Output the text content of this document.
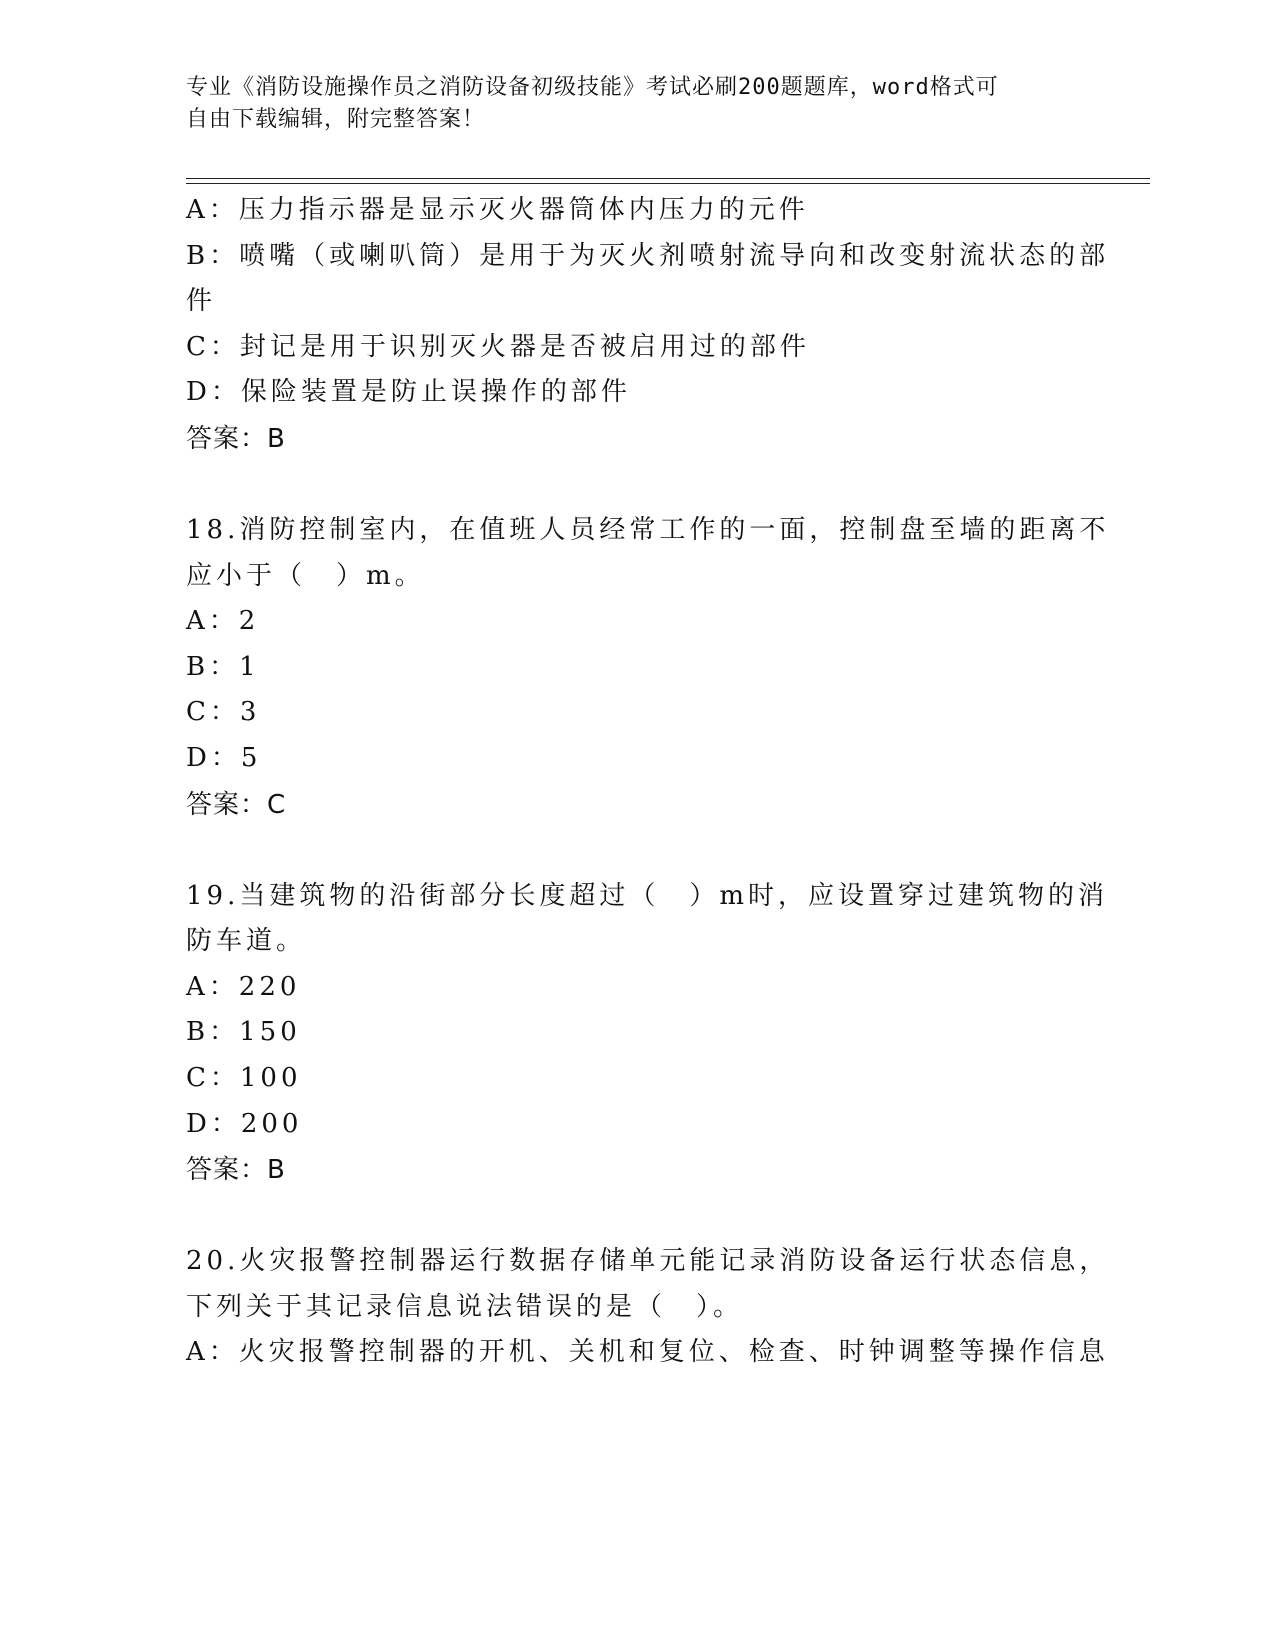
专业《消防设施操作员之消防设备初级技能》考试必刷200题题库，word格式可
自由下载编辑，附完整答案！
A：压力指示器是显示灭火器筒体内压力的元件
B：喷嘴（或喇叭筒）是用于为灭火剂喷射流导向和改变射流状态的部
件
C：封记是用于识别灭火器是否被启用过的部件
D：保险装置是防止误操作的部件
答案：B
18.消防控制室内，在值班人员经常工作的一面，控制盘至墙的距离不
应小于（　）m。
A：2
B：1
C：3
D：5
答案：C
19.当建筑物的沿街部分长度超过（　）m时，应设置穿过建筑物的消
防车道。
A：220
B：150
C：100
D：200
答案：B
20.火灾报警控制器运行数据存储单元能记录消防设备运行状态信息，
下列关于其记录信息说法错误的是（　）。
A：火灾报警控制器的开机、关机和复位、检查、时钟调整等操作信息
